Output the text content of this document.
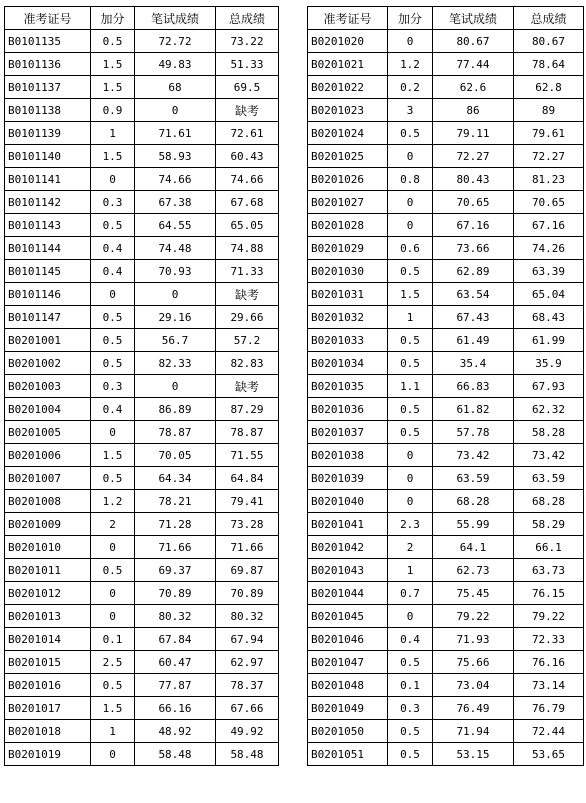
准考证号	加分	笔试成绩	总成绩
B0101135	0.5	72.72	73.22
B0101136	1.5	49.83	51.33
B0101137	1.5	68	69.5
B0101138	0.9	0	缺考
B0101139	1	71.61	72.61
B0101140	1.5	58.93	60.43
B0101141	0	74.66	74.66
B0101142	0.3	67.38	67.68
B0101143	0.5	64.55	65.05
B0101144	0.4	74.48	74.88
B0101145	0.4	70.93	71.33
B0101146	0	0	缺考
B0101147	0.5	29.16	29.66
B0201001	0.5	56.7	57.2
B0201002	0.5	82.33	82.83
B0201003	0.3	0	缺考
B0201004	0.4	86.89	87.29
B0201005	0	78.87	78.87
B0201006	1.5	70.05	71.55
B0201007	0.5	64.34	64.84
B0201008	1.2	78.21	79.41
B0201009	2	71.28	73.28
B0201010	0	71.66	71.66
B0201011	0.5	69.37	69.87
B0201012	0	70.89	70.89
B0201013	0	80.32	80.32
B0201014	0.1	67.84	67.94
B0201015	2.5	60.47	62.97
B0201016	0.5	77.87	78.37
B0201017	1.5	66.16	67.66
B0201018	1	48.92	49.92
B0201019	0	58.48	58.48
准考证号	加分	笔试成绩	总成绩
B0201020	0	80.67	80.67
B0201021	1.2	77.44	78.64
B0201022	0.2	62.6	62.8
B0201023	3	86	89
B0201024	0.5	79.11	79.61
B0201025	0	72.27	72.27
B0201026	0.8	80.43	81.23
B0201027	0	70.65	70.65
B0201028	0	67.16	67.16
B0201029	0.6	73.66	74.26
B0201030	0.5	62.89	63.39
B0201031	1.5	63.54	65.04
B0201032	1	67.43	68.43
B0201033	0.5	61.49	61.99
B0201034	0.5	35.4	35.9
B0201035	1.1	66.83	67.93
B0201036	0.5	61.82	62.32
B0201037	0.5	57.78	58.28
B0201038	0	73.42	73.42
B0201039	0	63.59	63.59
B0201040	0	68.28	68.28
B0201041	2.3	55.99	58.29
B0201042	2	64.1	66.1
B0201043	1	62.73	63.73
B0201044	0.7	75.45	76.15
B0201045	0	79.22	79.22
B0201046	0.4	71.93	72.33
B0201047	0.5	75.66	76.16
B0201048	0.1	73.04	73.14
B0201049	0.3	76.49	76.79
B0201050	0.5	71.94	72.44
B0201051	0.5	53.15	53.65
